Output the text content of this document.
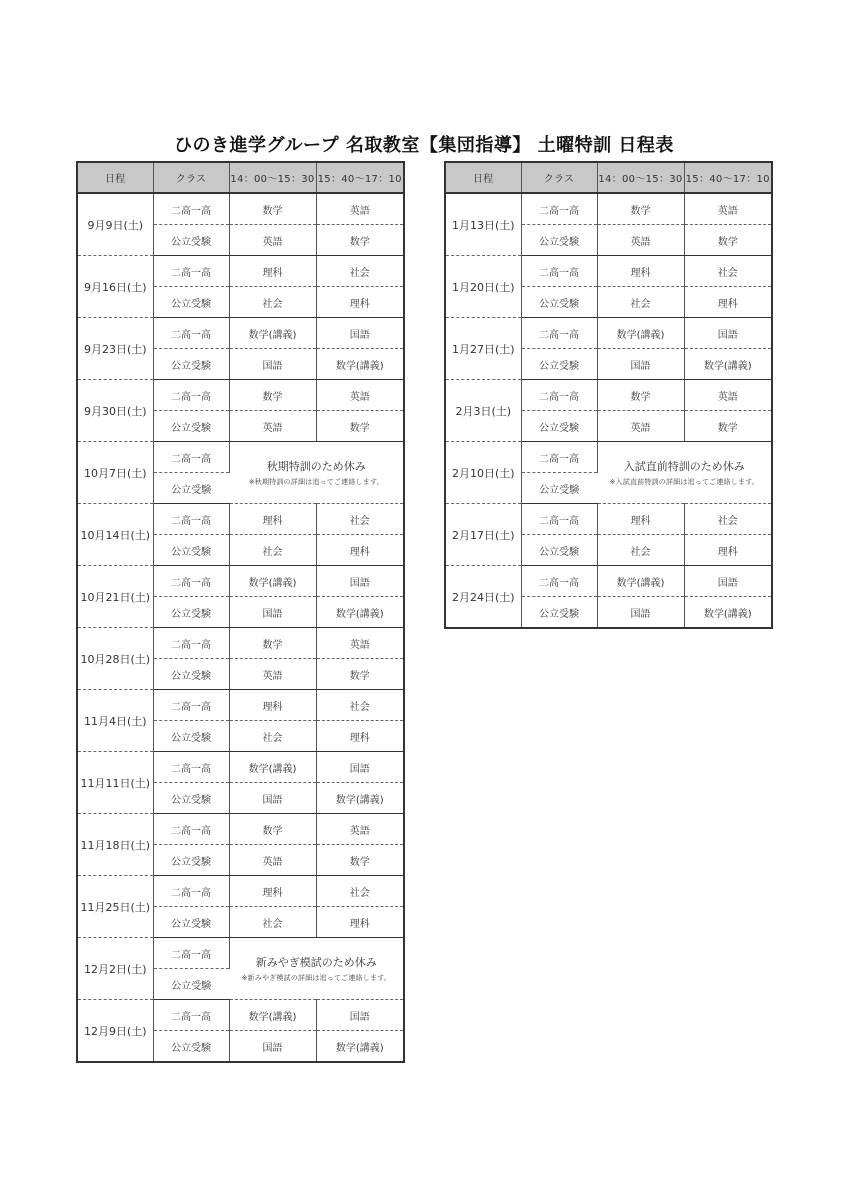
ひのき進学グループ 名取教室【集団指導】 土曜特訓 日程表
日程	クラス	14：00～15：30	15：40～17：10
9月9日(土)	二高一高	数学	英語
	公立受験	英語	数学
9月16日(土)	二高一高	理科	社会
	公立受験	社会	理科
9月23日(土)	二高一高	数学(講義)	国語
	公立受験	国語	数学(講義)
9月30日(土)	二高一高	数学	英語
	公立受験	英語	数学
10月7日(土)	二高一高	秋期特訓のため休み
※秋期特訓の詳細は追ってご連絡します。	

	公立受験		
10月14日(土)	二高一高	理科	社会
	公立受験	社会	理科
10月21日(土)	二高一高	数学(講義)	国語
	公立受験	国語	数学(講義)
10月28日(土)	二高一高	数学	英語
	公立受験	英語	数学
11月4日(土)	二高一高	理科	社会
	公立受験	社会	理科
11月11日(土)	二高一高	数学(講義)	国語
	公立受験	国語	数学(講義)
11月18日(土)	二高一高	数学	英語
	公立受験	英語	数学
11月25日(土)	二高一高	理科	社会
	公立受験	社会	理科
12月2日(土)	二高一高	新みやぎ模試のため休み
※新みやぎ模試の詳細は追ってご連絡します。	

	公立受験		
12月9日(土)	二高一高	数学(講義)	国語
	公立受験	国語	数学(講義)
日程	クラス	14：00～15：30	15：40～17：10
1月13日(土)	二高一高	数学	英語
	公立受験	英語	数学
1月20日(土)	二高一高	理科	社会
	公立受験	社会	理科
1月27日(土)	二高一高	数学(講義)	国語
	公立受験	国語	数学(講義)
2月3日(土)	二高一高	数学	英語
	公立受験	英語	数学
2月10日(土)	二高一高	入試直前特訓のため休み
※入試直前特訓の詳細は追ってご連絡します。	

	公立受験		
2月17日(土)	二高一高	理科	社会
	公立受験	社会	理科
2月24日(土)	二高一高	数学(講義)	国語
	公立受験	国語	数学(講義)
